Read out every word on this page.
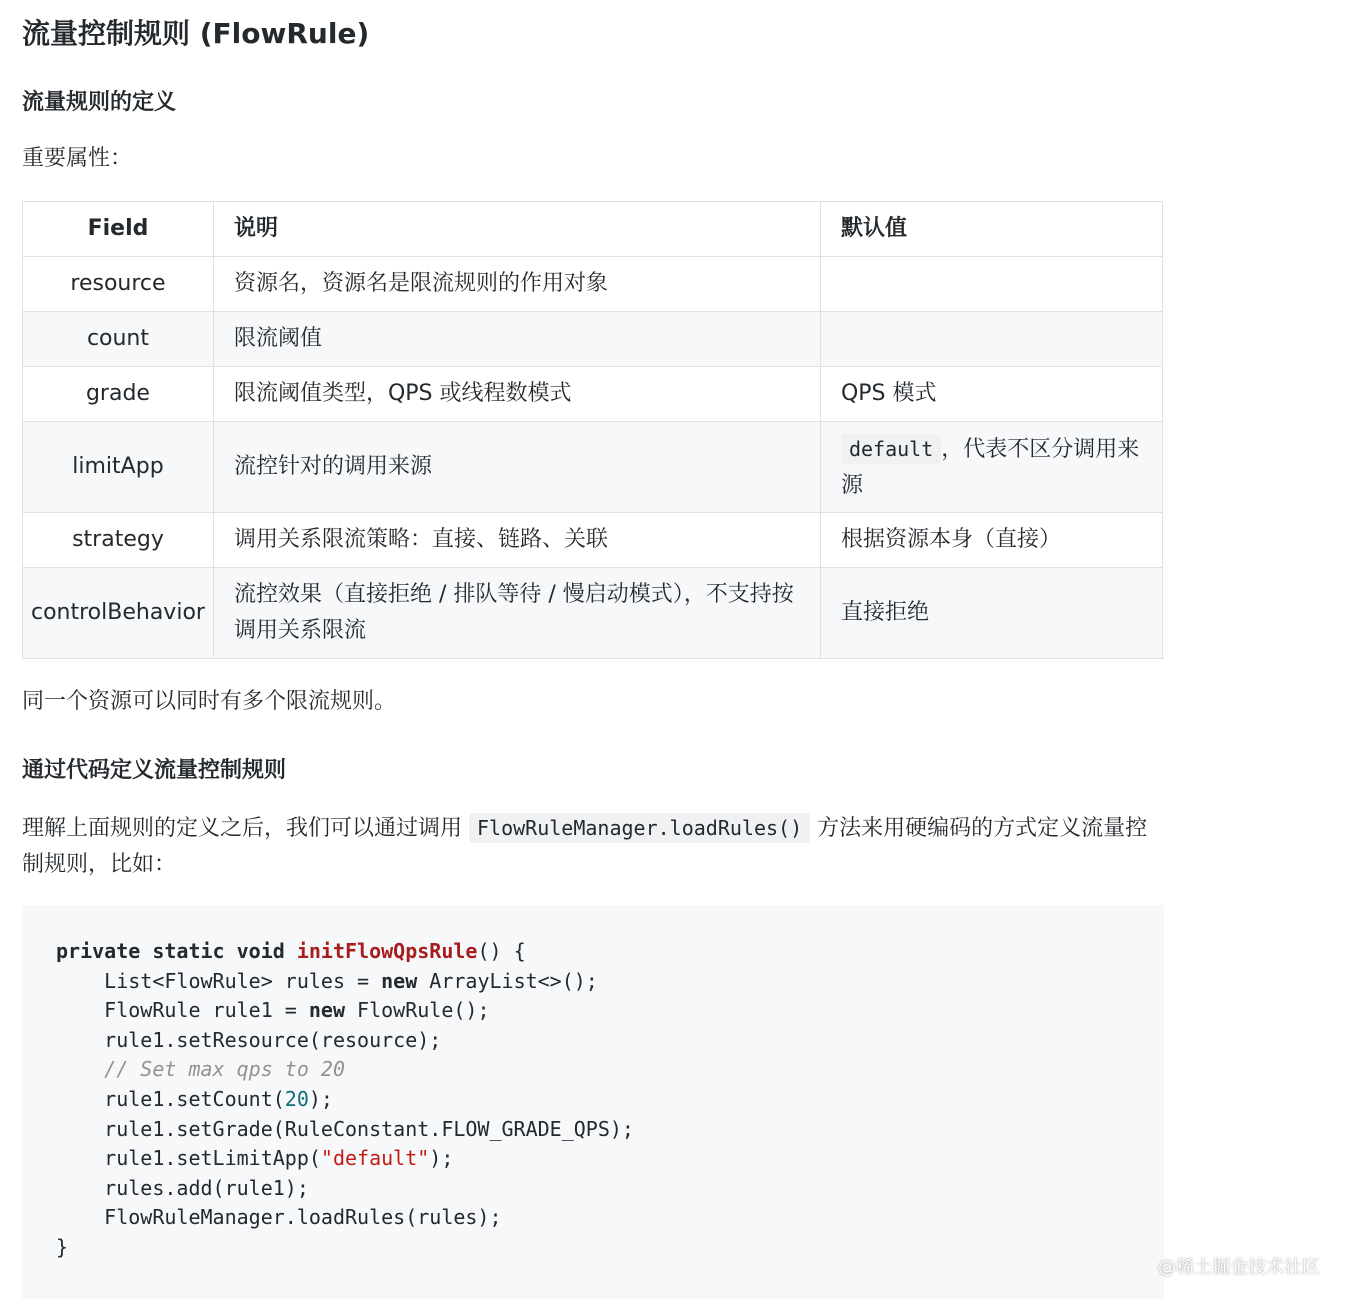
流量控制规则 (FlowRule)
流量规则的定义

重要属性：

Field	说明	默认值
resource	资源名，资源名是限流规则的作用对象	
count	限流阈值	
grade	限流阈值类型，QPS 或线程数模式	QPS 模式
limitApp	流控针对的调用来源	default ，代表不区分调用来源
strategy	调用关系限流策略：直接、链路、关联	根据资源本身（直接）
controlBehavior	流控效果（直接拒绝 / 排队等待 / 慢启动模式），不支持按调用关系限流	直接拒绝

同一个资源可以同时有多个限流规则。

通过代码定义流量控制规则

理解上面规则的定义之后，我们可以通过调用 FlowRuleManager.loadRules() 方法来用硬编码的方式定义流量控制规则，比如：

private static void initFlowQpsRule() {
List<FlowRule> rules = new ArrayList<>();
FlowRule rule1 = new FlowRule();
rule1.setResource(resource);
// Set max qps to 20
rule1.setCount(20);
rule1.setGrade(RuleConstant.FLOW_GRADE_QPS);
rule1.setLimitApp("default");
rules.add(rule1);
FlowRuleManager.loadRules(rules);
}
@稀土掘金技术社区
